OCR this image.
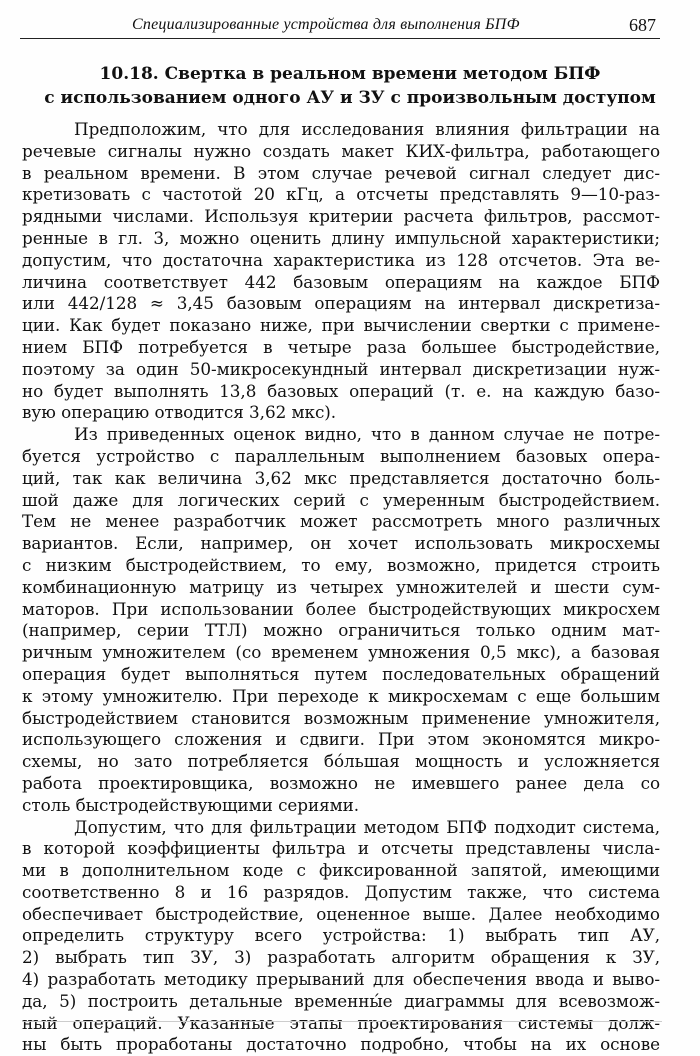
Специализированные устройства для выполнения БПФ	687
10.18. Свертка в реальном времени методом БПФ
с использованием одного АУ и ЗУ с произвольным доступом
Предположим, что для исследования влияния фильтрации на
речевые сигналы нужно создать макет КИХ-фильтра, работающего
в реальном времени. В этом случае речевой сигнал следует дис-
кретизовать с частотой 20 кГц, а отсчеты представлять 9—10-раз-
рядными числами. Используя критерии расчета фильтров, рассмот-
ренные в гл. 3, можно оценить длину импульсной характеристики;
допустим, что достаточна характеристика из 128 отсчетов. Эта ве-
личина соответствует 442 базовым операциям на каждое БПФ
или 442/128 ≈ 3,45 базовым операциям на интервал дискретиза-
ции. Как будет показано ниже, при вычислении свертки с примене-
нием БПФ потребуется в четыре раза большее быстродействие,
поэтому за один 50-микросекундный интервал дискретизации нуж-
но будет выполнять 13,8 базовых операций (т. е. на каждую базо-
вую операцию отводится 3,62 мкс).
Из приведенных оценок видно, что в данном случае не потре-
буется устройство с параллельным выполнением базовых опера-
ций, так как величина 3,62 мкс представляется достаточно боль-
шой даже для логических серий с умеренным быстродействием.
Тем не менее разработчик может рассмотреть много различных
вариантов. Если, например, он хочет использовать микросхемы
с низким быстродействием, то ему, возможно, придется строить
комбинационную матрицу из четырех умножителей и шести сум-
маторов. При использовании более быстродействующих микросхем
(например, серии ТТЛ) можно ограничиться только одним мат-
ричным умножителем (со временем умножения 0,5 мкс), а базовая
операция будет выполняться путем последовательных обращений
к этому умножителю. При переходе к микросхемам с еще большим
быстродействием становится возможным применение умножителя,
использующего сложения и сдвиги. При этом экономятся микро-
схемы, но зато потребляется бо́льшая мощность и усложняется
работа проектировщика, возможно не имевшего ранее дела со
столь быстродействующими сериями.
Допустим, что для фильтрации методом БПФ подходит система,
в которой коэффициенты фильтра и отсчеты представлены числа-
ми в дополнительном коде с фиксированной запятой, имеющими
соответственно 8 и 16 разрядов. Допустим также, что система
обеспечивает быстродействие, оцененное выше. Далее необходимо
определить структуру всего устройства: 1) выбрать тип АУ,
2) выбрать тип ЗУ, 3) разработать алгоритм обращения к ЗУ,
4) разработать методику прерываний для обеспечения ввода и выво-
да, 5) построить детальные временны́е диаграммы для всевозмож-
ный операций. Указанные этапы проектирования системы долж-
ны быть проработаны достаточно подробно, чтобы на их основе
